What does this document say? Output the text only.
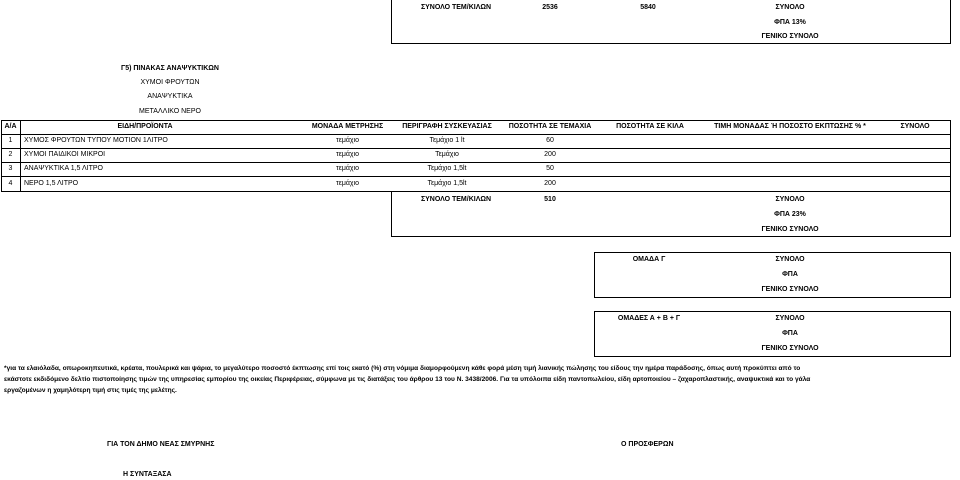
ΣΥΝΟΛΟ ΤΕΜ/ΚΙΛΩΝ	2536	5840	ΣΥΝΟΛΟ
ΦΠΑ 13%
ΓΕΝΙΚΟ ΣΥΝΟΛΟ
Γ5) ΠΙΝΑΚΑΣ ΑΝΑΨΥΚΤΙΚΩΝ
ΧΥΜΟΙ ΦΡΟΥΤΩΝ
ΑΝΑΨΥΚΤΙΚΑ
ΜΕΤΑΛΛΙΚΟ ΝΕΡΟ
Α/Α	ΕΙΔΗ/ΠΡΟΪΟΝΤΑ	ΜΟΝΑΔΑ ΜΕΤΡΗΣΗΣ	ΠΕΡΙΓΡΑΦΗ ΣΥΣΚΕΥΑΣΙΑΣ	ΠΟΣΟΤΗΤΑ ΣΕ ΤΕΜΑΧΙΑ	ΠΟΣΟΤΗΤΑ ΣΕ ΚΙΛΑ	ΤΙΜΗ ΜΟΝΑΔΑΣ Ή ΠΟΣΟΣΤΟ ΕΚΠΤΩΣΗΣ % *	ΣΥΝΟΛΟ
1	ΧΥΜΟΣ ΦΡΟΥΤΩΝ ΤΥΠΟΥ ΜΟΤΙΟΝ 1ΛΙΤΡΟ	τεμάχιο	Τεμάχιο 1 lt	60
2	ΧΥΜΟΙ ΠΑΙΔΙΚΟΙ ΜΙΚΡΟΙ	τεμάχιο	Τεμάχιο	200
3	ΑΝΑΨΥΚΤΙΚΑ 1,5 ΛΙΤΡΟ	τεμάχιο	Τεμάχιο 1,5lt	50
4	ΝΕΡΟ 1,5 ΛΙΤΡΟ	τεμάχιο	Τεμάχιο 1,5lt	200
ΣΥΝΟΛΟ ΤΕΜ/ΚΙΛΩΝ	510	ΣΥΝΟΛΟ
ΦΠΑ 23%
ΓΕΝΙΚΟ ΣΥΝΟΛΟ
ΟΜΑΔΑ Γ	ΣΥΝΟΛΟ
ΦΠΑ
ΓΕΝΙΚΟ ΣΥΝΟΛΟ
ΟΜΑΔΕΣ Α + Β + Γ	ΣΥΝΟΛΟ
ΦΠΑ
ΓΕΝΙΚΟ ΣΥΝΟΛΟ
*για τα ελαιόλαδα, οπωροκηπευτικά, κρέατα, πουλερικά και ψάρια, το μεγαλύτερο ποσοστό έκπτωσης επί τοις εκατό (%) στη νόμιμα διαμορφούμενη κάθε φορά μέση τιμή λιανικής πώλησης του είδους την ημέρα παράδοσης, όπως αυτή προκύπτει από το
εκάστοτε εκδιδόμενο δελτίο πιστοποίησης τιμών της υπηρεσίας εμπορίου της οικείας Περιφέρειας, σύμφωνα με τις διατάξεις του άρθρου 13 του Ν. 3438/2006. Για τα υπόλοιπα είδη παντοπωλείου, είδη αρτοποιείου – ζαχαροπλαστικής, αναψυκτικά και το γάλα
εργαζομένων η χαμηλότερη τιμή στις τιμές της μελέτης.
ΓΙΑ ΤΟΝ ΔΗΜΟ ΝΕΑΣ ΣΜΥΡΝΗΣ	Ο ΠΡΟΣΦΕΡΩΝ
Η ΣΥΝΤΑΞΑΣΑ
